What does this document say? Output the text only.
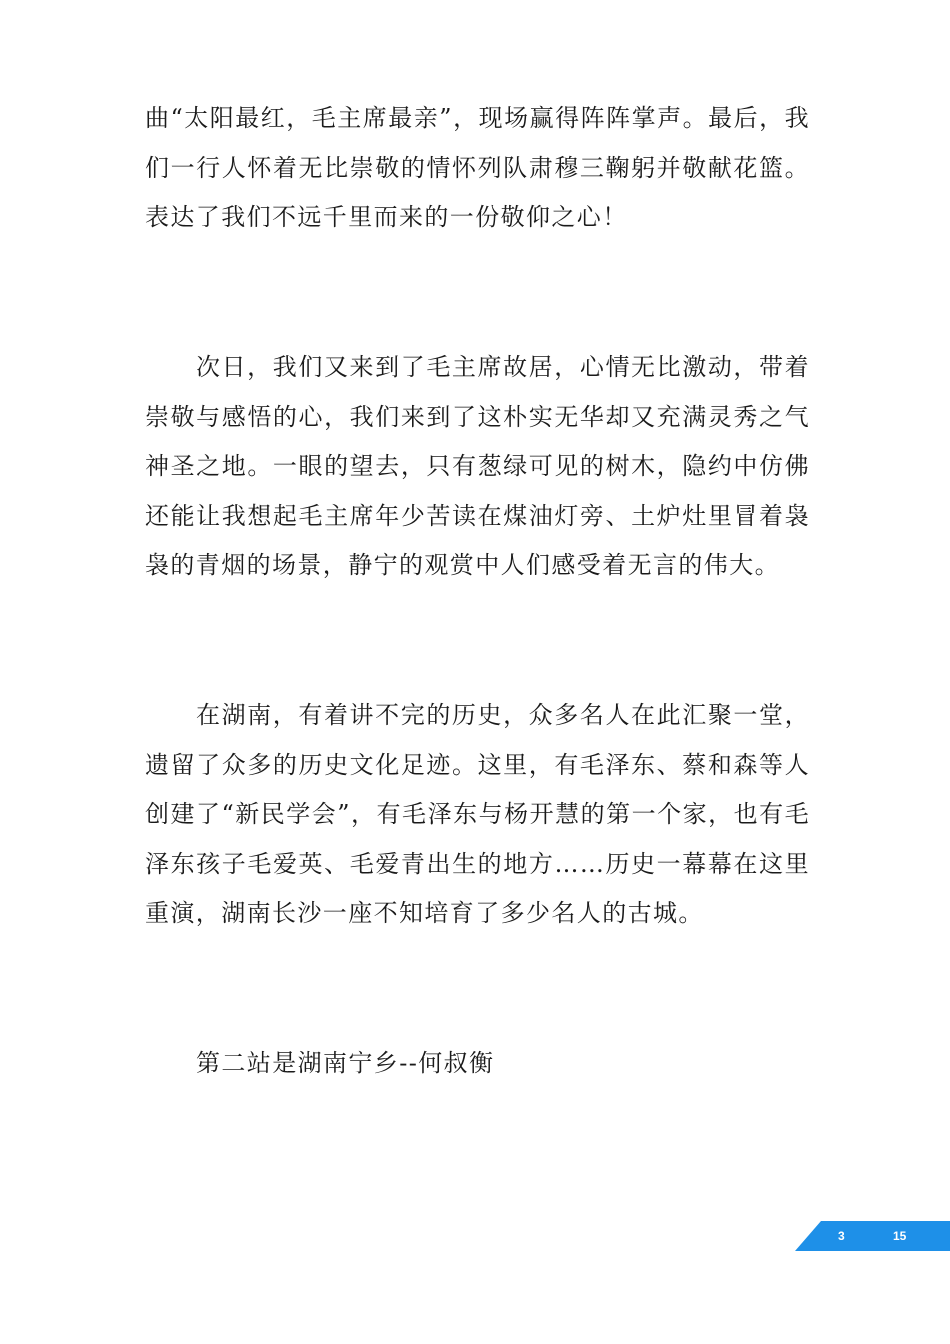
曲“太阳最红，毛主席最亲”，现场赢得阵阵掌声。最后，我们一行人怀着无比崇敬的情怀列队肃穆三鞠躬并敬献花篮。表达了我们不远千里而来的一份敬仰之心！

次日，我们又来到了毛主席故居，心情无比激动，带着崇敬与感悟的心，我们来到了这朴实无华却又充满灵秀之气神圣之地。一眼的望去，只有葱绿可见的树木，隐约中仿佛还能让我想起毛主席年少苦读在煤油灯旁、土炉灶里冒着袅袅的青烟的场景，静宁的观赏中人们感受着无言的伟大。

在湖南，有着讲不完的历史，众多名人在此汇聚一堂，遗留了众多的历史文化足迹。这里，有毛泽东、蔡和森等人创建了“新民学会”，有毛泽东与杨开慧的第一个家，也有毛泽东孩子毛爱英、毛爱青出生的地方……历史一幕幕在这里重演，湖南长沙一座不知培育了多少名人的古城。

第二站是湖南宁乡--何叔衡

3	15
